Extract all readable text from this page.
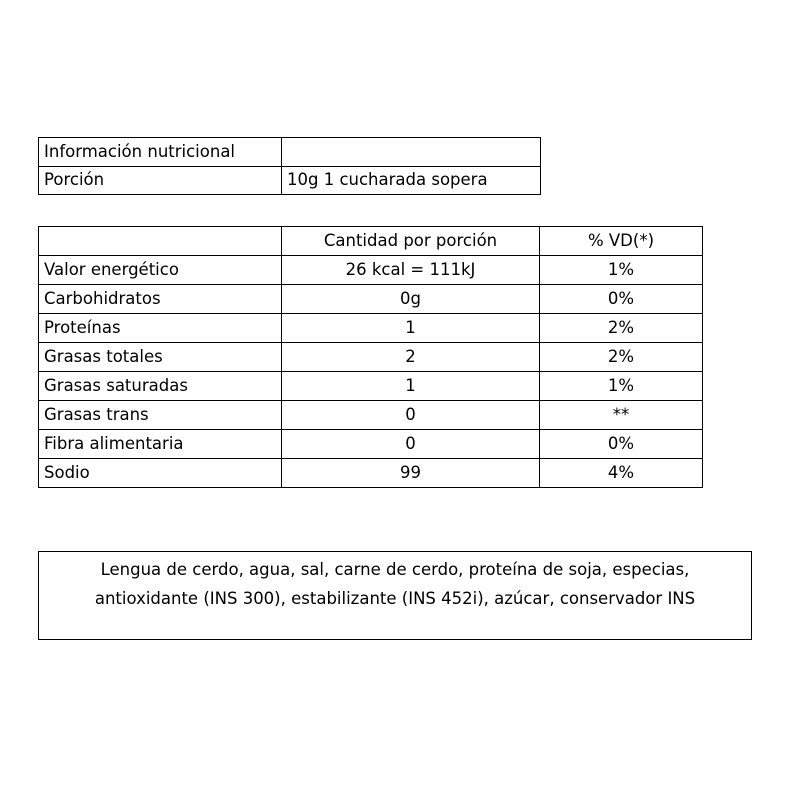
Información nutricional	
Porción	10g 1 cucharada sopera
	Cantidad por porción	% VD(*)
Valor energético	26 kcal = 111kJ	1%
Carbohidratos	0g	0%
Proteínas	1	2%
Grasas totales	2	2%
Grasas saturadas	1	1%
Grasas trans	0	**
Fibra alimentaria	0	0%
Sodio	99	4%
Lengua de cerdo, agua, sal, carne de cerdo, proteína de soja, especias,
antioxidante (INS 300), estabilizante (INS 452i), azúcar, conservador INS
